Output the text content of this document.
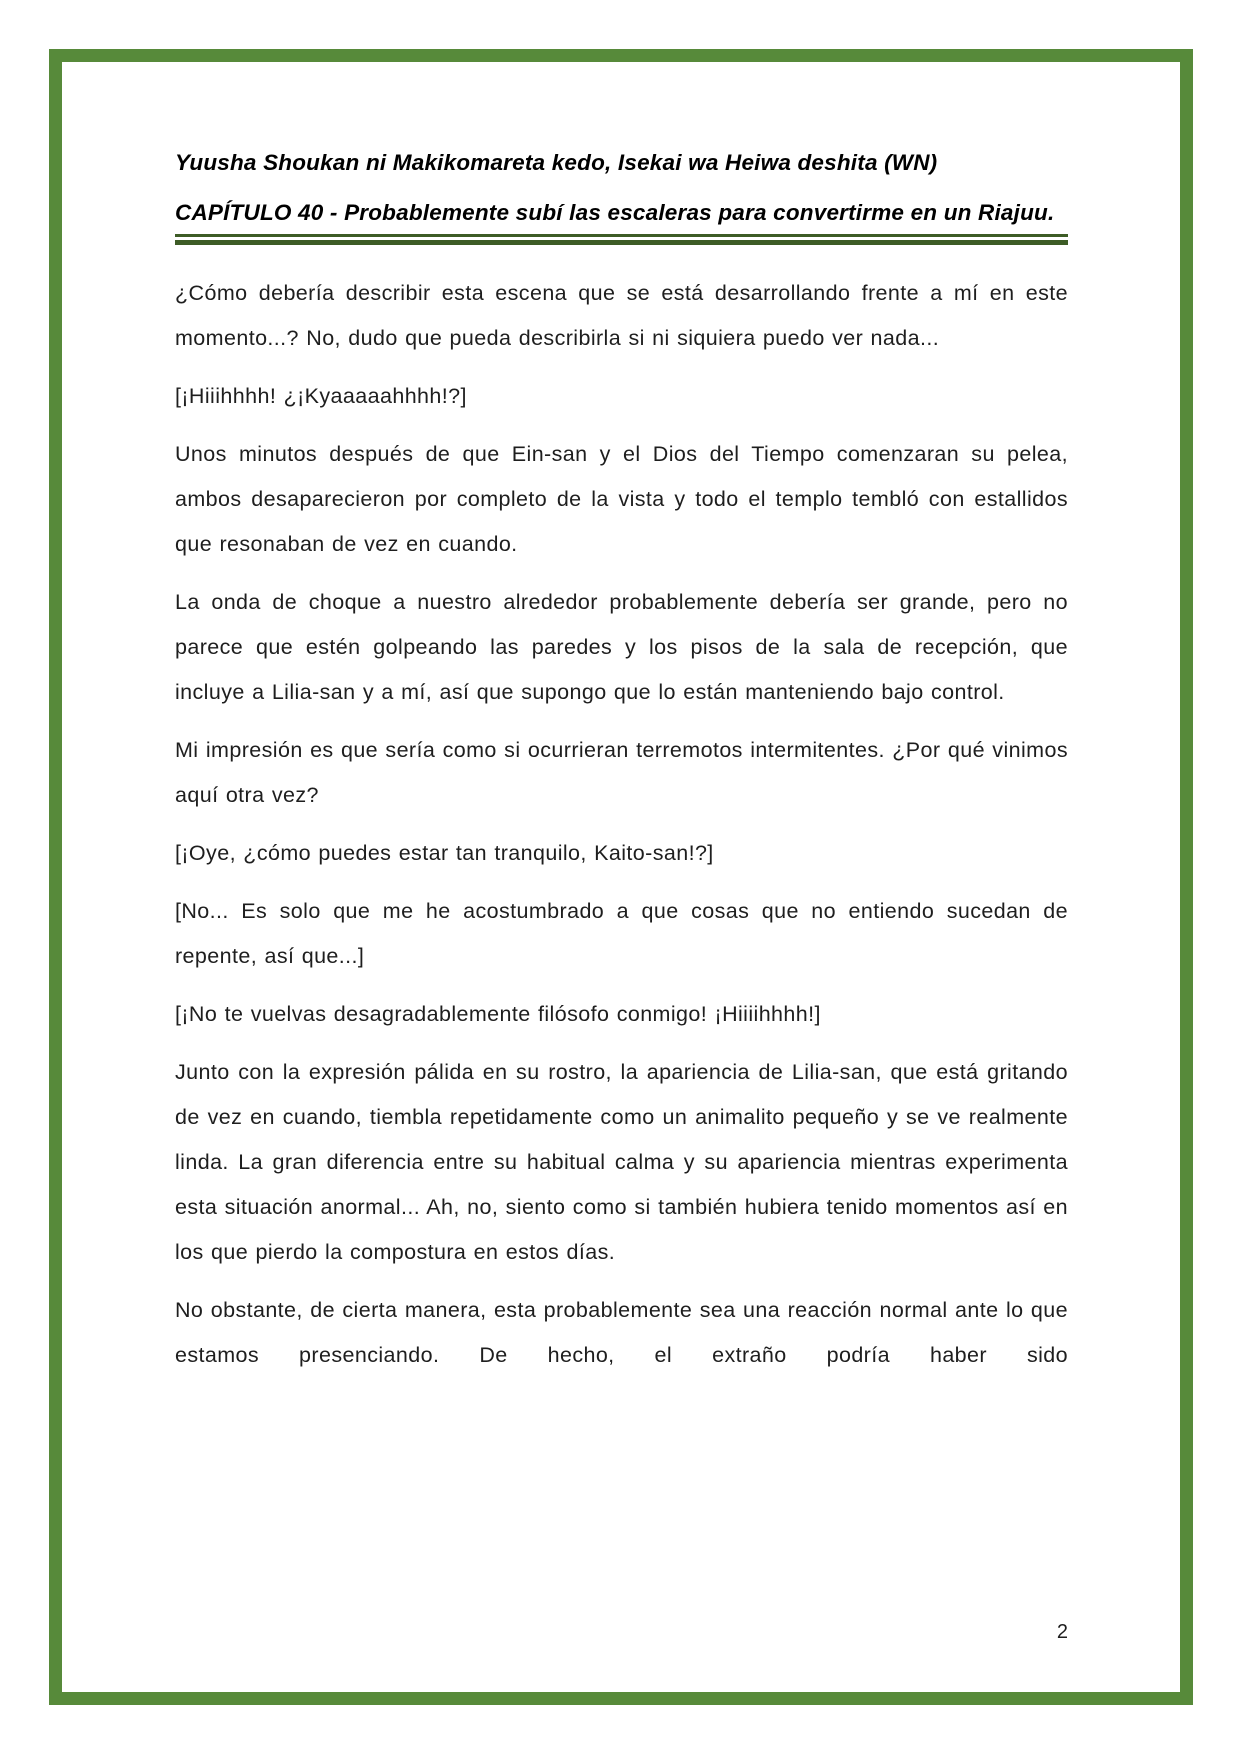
Yuusha Shoukan ni Makikomareta kedo, Isekai wa Heiwa deshita (WN)
CAPÍTULO 40 - Probablemente subí las escaleras para convertirme en un Riajuu.

¿Cómo debería describir esta escena que se está desarrollando frente a mí en este momento...? No, dudo que pueda describirla si ni siquiera puedo ver nada...

[¡Hiiihhhh! ¿¡Kyaaaaahhhh!?]

Unos minutos después de que Ein-san y el Dios del Tiempo comenzaran su pelea, ambos desaparecieron por completo de la vista y todo el templo tembló con estallidos que resonaban de vez en cuando.

La onda de choque a nuestro alrededor probablemente debería ser grande, pero no parece que estén golpeando las paredes y los pisos de la sala de recepción, que incluye a Lilia-san y a mí, así que supongo que lo están manteniendo bajo control.

Mi impresión es que sería como si ocurrieran terremotos intermitentes. ¿Por qué vinimos aquí otra vez?

[¡Oye, ¿cómo puedes estar tan tranquilo, Kaito-san!?]

[No... Es solo que me he acostumbrado a que cosas que no entiendo sucedan de repente, así que...]

[¡No te vuelvas desagradablemente filósofo conmigo! ¡Hiiiihhhh!]

Junto con la expresión pálida en su rostro, la apariencia de Lilia-san, que está gritando de vez en cuando, tiembla repetidamente como un animalito pequeño y se ve realmente linda. La gran diferencia entre su habitual calma y su apariencia mientras experimenta esta situación anormal... Ah, no, siento como si también hubiera tenido momentos así en los que pierdo la compostura en estos días.

No obstante, de cierta manera, esta probablemente sea una reacción normal ante lo que estamos presenciando. De hecho, el extraño podría haber sido

2
